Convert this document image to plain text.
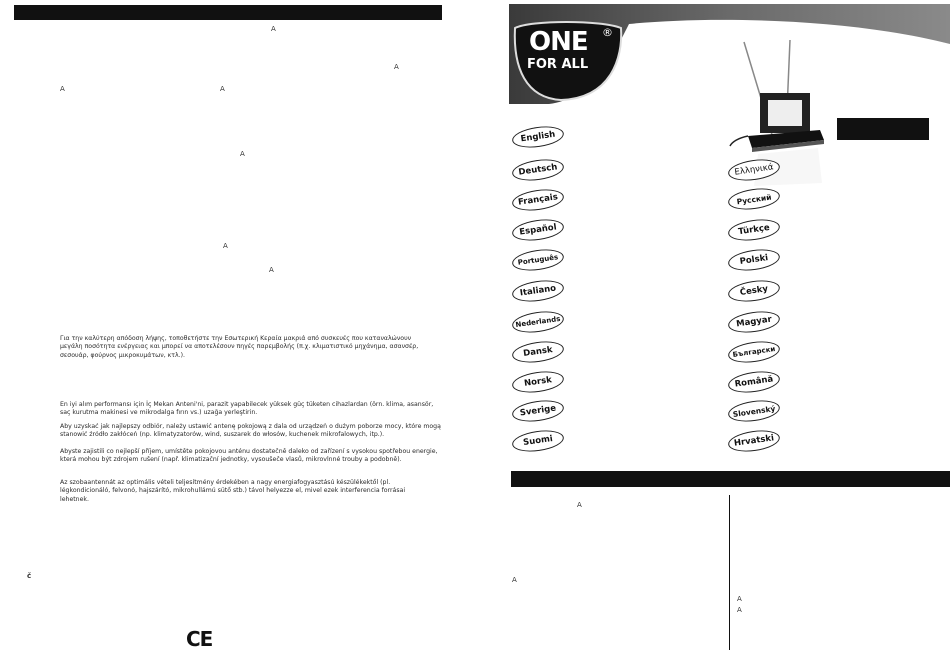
A
A
A	A
A
A
A
č
Για την καλύτερη απόδοση λήψης, τοποθετήστε την Εσωτερική Κεραία μακριά από συσκευές που καταναλώνουν μεγάλη ποσότητα ενέργειας και μπορεί να αποτελέσουν πηγές παρεμβολής (π.χ. κλιματιστικό μηχάνημα, ασανσέρ, σεσουάρ, φούρνος μικροκυμάτων, κτλ.).
En iyi alım performansı için İç Mekan Anteni'ni, parazit yapabilecek yüksek güç tüketen cihazlardan (örn. klima, asansör, saç kurutma makinesi ve mikrodalga fırın vs.) uzağa yerleştirin.
Aby uzyskać jak najlepszy odbiór, należy ustawić antenę pokojową z dala od urządzeń o dużym poborze mocy, które mogą stanowić źródło zakłóceń (np. klimatyzatorów, wind, suszarek do włosów, kuchenek mikrofalowych, itp.).
Abyste zajistili co nejlepší příjem, umístěte pokojovou anténu dostatečně daleko od zařízení s vysokou spotřebou energie, která mohou být zdrojem rušení (např. klimatizační jednotky, vysoušeče vlasů, mikrovlnné trouby a podobně).
Az szobaantennát az optimális vételi teljesítmény érdekében a nagy energiafogyasztású készülékektől (pl. légkondicionáló, felvonó, hajszárító, mikrohullámú sütő stb.) távol helyezze el, mivel ezek interferencia forrásai lehetnek.
CE
ONE ®
FOR ALL
English
Deutsch
Français
Español
Português
Italiano
Nederlands
Dansk
Norsk
Sverige
Suomi
Ελληνικά
Русский
Türkçe
Polski
Česky
Magyar
Български
Română
Slovenský
Hrvatski
A
A
A
A
